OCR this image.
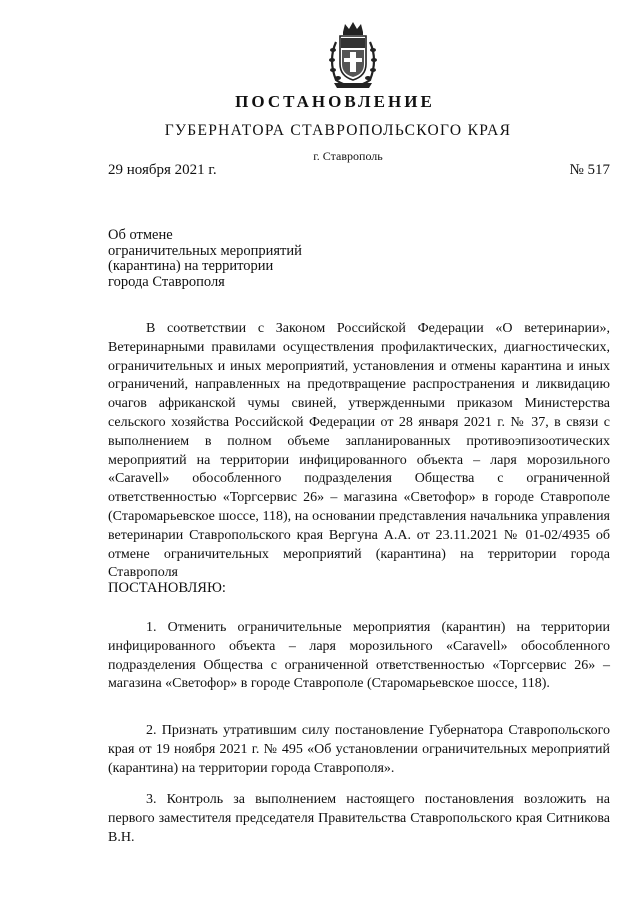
ПОСТАНОВЛЕНИЕ
ГУБЕРНАТОРА СТАВРОПОЛЬСКОГО КРАЯ
г. Ставрополь
29 ноября 2021 г.	№ 517
Об отмене
ограничительных мероприятий
(карантина) на территории
города Ставрополя

В соответствии с Законом Российской Федерации «О ветеринарии», Ветеринарными правилами осуществления профилактических, диагностических, ограничительных и иных мероприятий, установления и отмены карантина и иных ограничений, направленных на предотвращение распространения и ликвидацию очагов африканской чумы свиней, утвержденными приказом Министерства сельского хозяйства Российской Федерации от 28 января 2021 г. № 37, в связи с выполнением в полном объеме запланированных противоэпизоотических мероприятий на территории инфицированного объекта – ларя морозильного «Caravell» обособленного подразделения Общества с ограниченной ответственностью «Торгсервис 26» – магазина «Светофор» в городе Ставрополе (Старомарьевское шоссе, 118), на основании представления начальника управления ветеринарии Ставропольского края Вергуна А.А. от 23.11.2021 № 01-02/4935 об отмене ограничительных мероприятий (карантина) на территории города Ставрополя

ПОСТАНОВЛЯЮ:

1. Отменить ограничительные мероприятия (карантин) на территории инфицированного объекта – ларя морозильного «Caravell» обособленного подразделения Общества с ограниченной ответственностью «Торгсервис 26» – магазина «Светофор» в городе Ставрополе (Старомарьевское шоссе, 118).

2. Признать утратившим силу постановление Губернатора Ставропольского края от 19 ноября 2021 г. № 495 «Об установлении ограничительных мероприятий (карантина) на территории города Ставрополя».

3. Контроль за выполнением настоящего постановления возложить на первого заместителя председателя Правительства Ставропольского края Ситникова В.Н.
